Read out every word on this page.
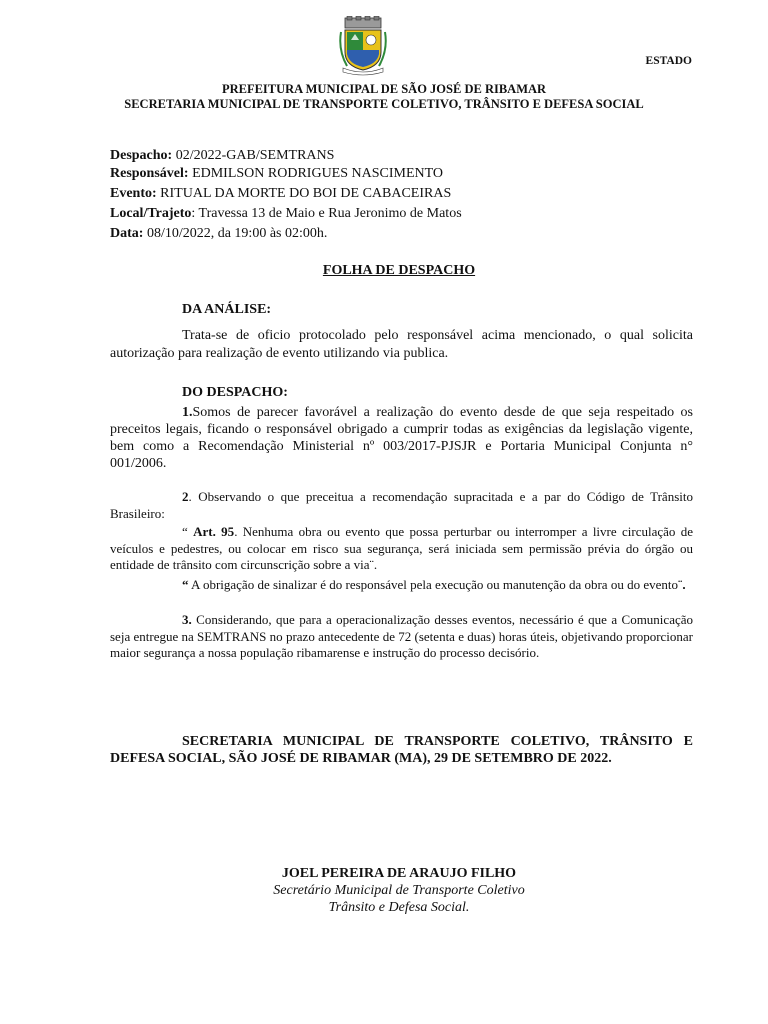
ESTADO
PREFEITURA MUNICIPAL DE SÃO JOSÉ DE RIBAMAR
SECRETARIA MUNICIPAL DE TRANSPORTE COLETIVO, TRÂNSITO E DEFESA SOCIAL
Despacho: 02/2022-GAB/SEMTRANS
Responsável: EDMILSON RODRIGUES NASCIMENTO
Evento: RITUAL DA MORTE DO BOI DE CABACEIRAS
Local/Trajeto: Travessa 13 de Maio e Rua Jeronimo de Matos
Data: 08/10/2022, da 19:00 às 02:00h.
FOLHA DE DESPACHO
DA ANÁLISE:
Trata-se de oficio protocolado pelo responsável acima mencionado, o qual solicita autorização para realização de evento utilizando via publica.
DO DESPACHO:
1.Somos de parecer favorável a realização do evento desde de que seja respeitado os preceitos legais, ficando o responsável obrigado a cumprir todas as exigências da legislação vigente, bem como a Recomendação Ministerial nº 003/2017-PJSJR e Portaria Municipal Conjunta n° 001/2006.
2. Observando o que preceitua a recomendação supracitada e a par do Código de Trânsito Brasileiro:
“ Art. 95. Nenhuma obra ou evento que possa perturbar ou interromper a livre circulação de veículos e pedestres, ou colocar em risco sua segurança, será iniciada sem permissão prévia do órgão ou entidade de trânsito com circunscrição sobre a via¨.
“ A obrigação de sinalizar é do responsável pela execução ou manutenção da obra ou do evento¨.
3. Considerando, que para a operacionalização desses eventos, necessário é que a Comunicação seja entregue na SEMTRANS no prazo antecedente de 72 (setenta e duas) horas úteis, objetivando proporcionar maior segurança a nossa população ribamarense e instrução do processo decisório.
SECRETARIA MUNICIPAL DE TRANSPORTE COLETIVO, TRÂNSITO E DEFESA SOCIAL, SÃO JOSÉ DE RIBAMAR (MA), 29 DE SETEMBRO DE 2022.
JOEL PEREIRA DE ARAUJO FILHO
Secretário Municipal de Transporte Coletivo
Trânsito e Defesa Social.
